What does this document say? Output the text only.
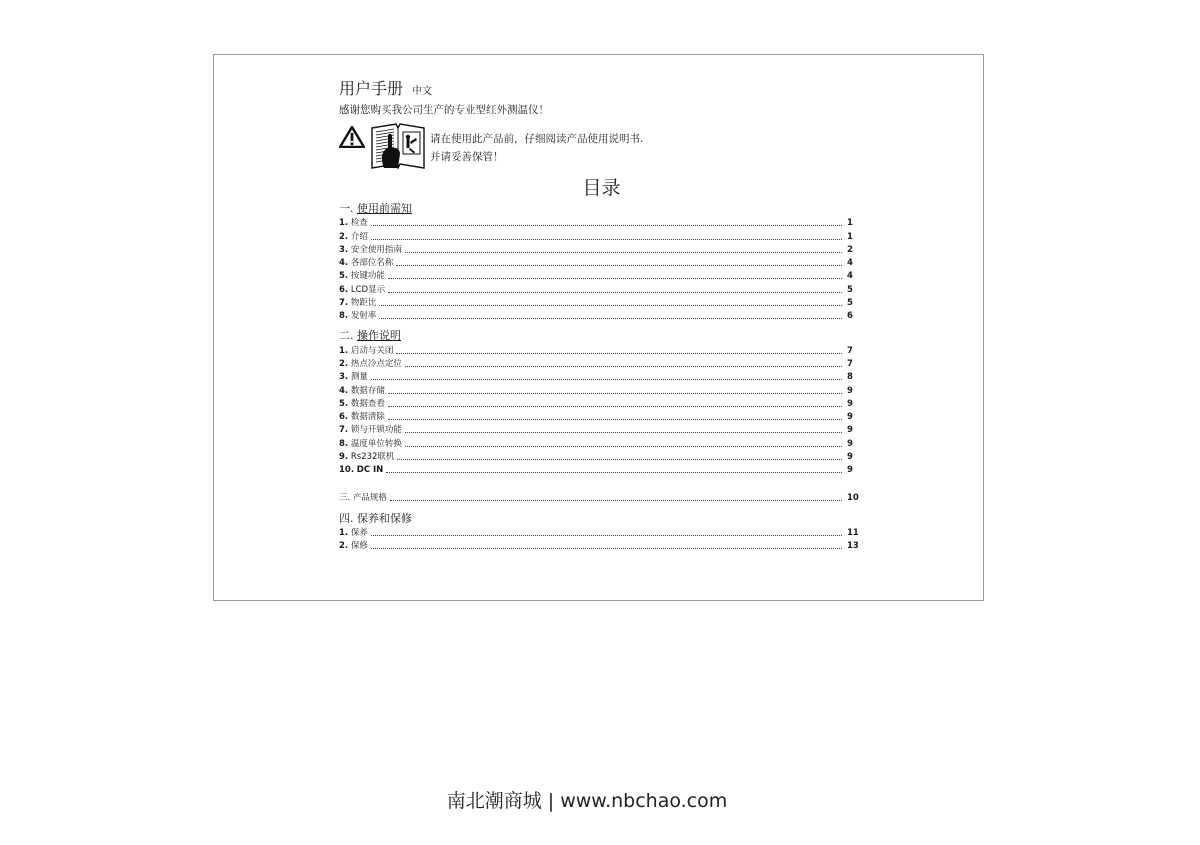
用户手册 中文
感谢您购买我公司生产的专业型红外测温仪！
请在使用此产品前，仔细阅读产品使用说明书.
并请妥善保管！
目录
一. 使用前需知
1. 检查	1
2. 介绍	1
3. 安全使用指南	2
4. 各部位名称	4
5. 按键功能	4
6. LCD显示	5
7. 物距比	5
8. 发射率	6
二. 操作说明
1. 启动与关闭	7
2. 热点冷点定位	7
3. 测量	8
4. 数据存储	9
5. 数据查看	9
6. 数据清除	9
7. 锁与开锁功能	9
8. 温度单位转换	9
9. Rs232联机	9
10. DC IN	9
三. 产品规格	10
四. 保养和保修
1. 保养	11
2. 保修	13
南北潮商城 | www.nbchao.com
